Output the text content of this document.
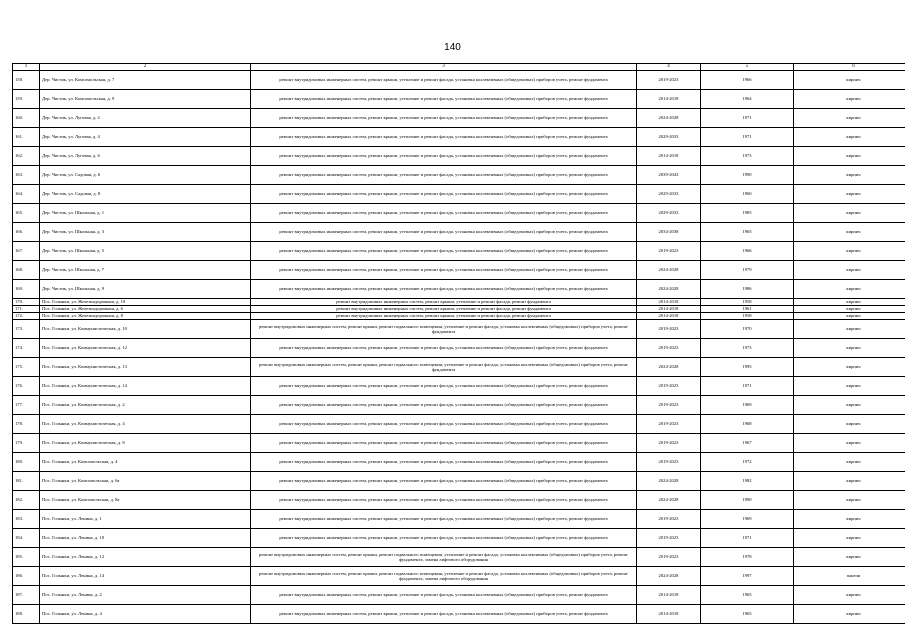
140
1	2	3	4	5	6
158.	Дер. Чистик, ул. Комсомольская, д. 7	ремонт внутридомовых инженерных систем, ремонт крыши, утепление и ремонт фасада, установка коллективных (общедомовых) приборов учета, ремонт фундамента	2019-2023	1966	кирпич
159.	Дер. Чистик, ул. Комсомольская, д. 9	ремонт внутридомовых инженерных систем, ремонт крыши, утепление и ремонт фасада, установка коллективных (общедомовых) приборов учета, ремонт фундамента	2014-2018	1964	кирпич
160.	Дер. Чистик, ул. Луговая, д. 2	ремонт внутридомовых инженерных систем, ремонт крыши, утепление и ремонт фасада, установка коллективных (общедомовых) приборов учета, ремонт фундамента	2024-2028	1971	кирпич
161.	Дер. Чистик, ул. Луговая, д. 4	ремонт внутридомовых инженерных систем, ремонт крыши, утепление и ремонт фасада, установка коллективных (общедомовых) приборов учета, ремонт фундамента	2029-2033	1971	кирпич
162.	Дер. Чистик, ул. Луговая, д. 6	ремонт внутридомовых инженерных систем, ремонт крыши, утепление и ремонт фасада, установка коллективных (общедомовых) приборов учета, ремонт фундамента	2014-2018	1973	кирпич
163.	Дер. Чистик, ул. Садовая, д. 6	ремонт внутридомовых инженерных систем, ремонт крыши, утепление и ремонт фасада, установка коллективных (общедомовых) приборов учета, ремонт фундамента	2039-2043	1990	кирпич
164.	Дер. Чистик, ул. Садовая, д. 8	ремонт внутридомовых инженерных систем, ремонт крыши, утепление и ремонт фасада, установка коллективных (общедомовых) приборов учета, ремонт фундамента	2029-2033	1960	кирпич
165.	Дер. Чистик, ул. Школьная, д. 1	ремонт внутридомовых инженерных систем, ремонт крыши, утепление и ремонт фасада, установка коллективных (общедомовых) приборов учета, ремонт фундамента	2029-2033	1985	кирпич
166.	Дер. Чистик, ул. Школьная, д. 3	ремонт внутридомовых инженерных систем, ремонт крыши, утепление и ремонт фасада, установка коллективных (общедомовых) приборов учета, ремонт фундамента	2034-2038	1965	кирпич
167.	Дер. Чистик, ул. Школьная, д. 5	ремонт внутридомовых инженерных систем, ремонт крыши, утепление и ремонт фасада, установка коллективных (общедомовых) приборов учета, ремонт фундамента	2019-2023	1966	кирпич
168.	Дер. Чистик, ул. Школьная, д. 7	ремонт внутридомовых инженерных систем, ремонт крыши, утепление и ремонт фасада, установка коллективных (общедомовых) приборов учета, ремонт фундамента	2024-2028	1979	кирпич
169.	Дер. Чистик, ул. Школьная, д. 9	ремонт внутридомовых инженерных систем, ремонт крыши, утепление и ремонт фасада, установка коллективных (общедомовых) приборов учета, ремонт фундамента	2024-2028	1986	кирпич
170.	Пос. Голынки, ул. Железнодорожная, д. 10	ремонт внутридомовых инженерных систем, ремонт крыши, утепление и ремонт фасада, ремонт фундамента	2014-2018	1958	кирпич
171.	Пос. Голынки, ул. Железнодорожная, д. 6	ремонт внутридомовых инженерных систем, ремонт крыши, утепление и ремонт фасада, ремонт фундамента	2014-2018	1961	кирпич
172.	Пос. Голынки, ул. Железнодорожная, д. 8	ремонт внутридомовых инженерных систем, ремонт крыши, утепление и ремонт фасада, ремонт фундамента	2014-2018	1958	кирпич
173.	Пос. Голынки, ул. Коммунистическая, д. 10	ремонт внутридомовых инженерных систем, ремонт крыши, ремонт подвального помещения, утепление и ремонт фасада, установка коллективных (общедомовых) приборов учета, ремонт фундамента	2019-2023	1970	кирпич
174.	Пос. Голынки, ул. Коммунистическая, д. 12	ремонт внутридомовых инженерных систем, ремонт крыши, утепление и ремонт фасада, установка коллективных (общедомовых) приборов учета, ремонт фундамента	2019-2023	1973	кирпич
175.	Пос. Голынки, ул. Коммунистическая, д. 13	ремонт внутридомовых инженерных систем, ремонт крыши, ремонт подвального помещения, утепление и ремонт фасада, установка коллективных (общедомовых) приборов учета, ремонт фундамента	2024-2028	1995	кирпич
176.	Пос. Голынки, ул. Коммунистическая, д. 14	ремонт внутридомовых инженерных систем, ремонт крыши, утепление и ремонт фасада, установка коллективных (общедомовых) приборов учета, ремонт фундамента	2019-2023	1971	кирпич
177.	Пос. Голынки, ул. Коммунистическая, д. 2	ремонт внутридомовых инженерных систем, ремонт крыши, утепление и ремонт фасада, установка коллективных (общедомовых) приборов учета, ремонт фундамента	2019-2023	1969	кирпич
178.	Пос. Голынки, ул. Коммунистическая, д. 4	ремонт внутридомовых инженерных систем, ремонт крыши, утепление и ремонт фасада, установка коллективных (общедомовых) приборов учета, ремонт фундамента	2019-2023	1968	кирпич
179.	Пос. Голынки, ул. Коммунистическая, д. 8	ремонт внутридомовых инженерных систем, ремонт крыши, утепление и ремонт фасада, установка коллективных (общедомовых) приборов учета, ремонт фундамента	2019-2023	1967	кирпич
180.	Пос. Голынки, ул. Комсомольская, д. 4	ремонт внутридомовых инженерных систем, ремонт крыши, утепление и ремонт фасада, установка коллективных (общедомовых) приборов учета, ремонт фундамента	2019-2023	1972	кирпич
181.	Пос. Голынки, ул. Комсомольская, д. 6а	ремонт внутридомовых инженерных систем, ремонт крыши, утепление и ремонт фасада, установка коллективных (общедомовых) приборов учета, ремонт фундамента	2024-2028	1982	кирпич
182.	Пос. Голынки, ул. Комсомольская, д. 8а	ремонт внутридомовых инженерных систем, ремонт крыши, утепление и ремонт фасада, установка коллективных (общедомовых) приборов учета, ремонт фундамента	2024-2028	1990	кирпич
183.	Пос. Голынки, ул. Ленина, д. 1	ремонт внутридомовых инженерных систем, ремонт крыши, утепление и ремонт фасада, установка коллективных (общедомовых) приборов учета, ремонт фундамента	2019-2023	1969	кирпич
184.	Пос. Голынки, ул. Ленина, д. 10	ремонт внутридомовых инженерных систем, ремонт крыши, утепление и ремонт фасада, установка коллективных (общедомовых) приборов учета, ремонт фундамента	2019-2023	1971	кирпич
185.	Пос. Голынки, ул. Ленина, д. 12	ремонт внутридомовых инженерных систем, ремонт крыши, ремонт подвального помещения, утепление и ремонт фасада, установка коллективных (общедомовых) приборов учета, ремонт фундамента, замена лифтового оборудования	2019-2023	1978	кирпич
186.	Пос. Голынки, ул. Ленина, д. 14	ремонт внутридомовых инженерных систем, ремонт крыши, ремонт подвального помещения, утепление и ремонт фасада, установка коллективных (общедомовых) приборов учета, ремонт фундамента, замена лифтового оборудования	2024-2028	1997	панели
187.	Пос. Голынки, ул. Ленина, д. 2	ремонт внутридомовых инженерных систем, ремонт крыши, утепление и ремонт фасада, установка коллективных (общедомовых) приборов учета, ремонт фундамента	2014-2018	1965	кирпич
188.	Пос. Голынки, ул. Ленина, д. 4	ремонт внутридомовых инженерных систем, ремонт крыши, утепление и ремонт фасада, установка коллективных (общедомовых) приборов учета, ремонт фундамента	2014-2018	1965	кирпич
